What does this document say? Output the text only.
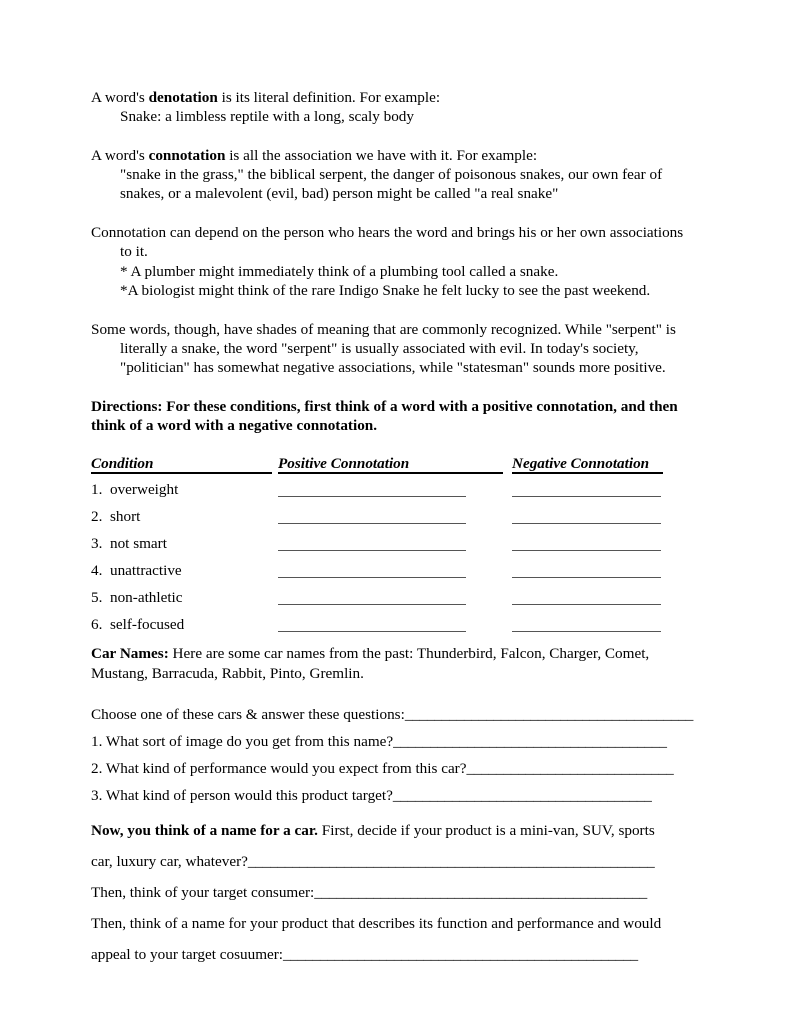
A word's denotation is its literal definition. For example:

Snake: a limbless reptile with a long, scaly body

A word's connotation is all the association we have with it. For example:

"snake in the grass," the biblical serpent, the danger of poisonous snakes, our own fear of

snakes, or a malevolent (evil, bad) person might be called "a real snake"

Connotation can depend on the person who hears the word and brings his or her own associations

to it.

* A plumber might immediately think of a plumbing tool called a snake.

*A biologist might think of the rare Indigo Snake he felt lucky to see the past weekend.

Some words, though, have shades of meaning that are commonly recognized. While "serpent" is

literally a snake, the word "serpent" is usually associated with evil. In today's society,

"politician" has somewhat negative associations, while "statesman" sounds more positive.

Directions: For these conditions, first think of a word with a positive connotation, and then

think of a word with a negative connotation.

Condition	Positive Connotation	Negative Connotation
1. overweight
2. short
3. not smart
4. unattractive
5. non-athletic
6. self-focused
Car Names: Here are some car names from the past: Thunderbird, Falcon, Charger, Comet,
Mustang, Barracuda, Rabbit, Pinto, Gremlin.
Choose one of these cars & answer these questions:_______________________________________
1. What sort of image do you get from this name?_____________________________________
2. What kind of performance would you expect from this car?____________________________
3. What kind of person would this product target?___________________________________
Now, you think of a name for a car. First, decide if your product is a mini-van, SUV, sports
car, luxury car, whatever?_______________________________________________________
Then, think of your target consumer:_____________________________________________
Then, think of a name for your product that describes its function and performance and would
appeal to your target cosuumer:________________________________________________
